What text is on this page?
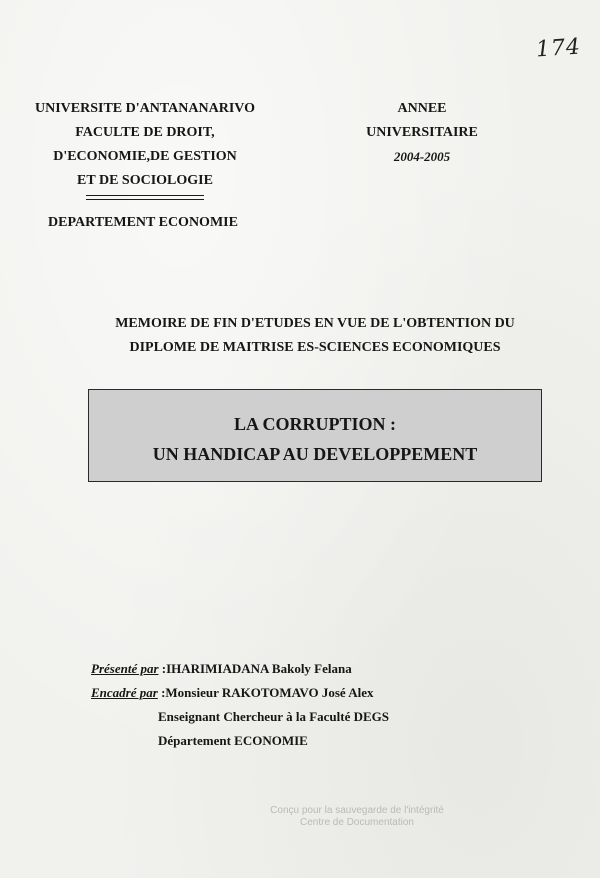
174
UNIVERSITE D'ANTANANARIVO
FACULTE DE DROIT,
D'ECONOMIE,DE GESTION
ET DE SOCIOLOGIE
DEPARTEMENT ECONOMIE
ANNEE UNIVERSITAIRE
2004-2005
MEMOIRE DE FIN D'ETUDES EN VUE DE L'OBTENTION DU
DIPLOME DE MAITRISE ES-SCIENCES ECONOMIQUES
LA CORRUPTION :
UN HANDICAP AU DEVELOPPEMENT
Présenté par :IHARIMIADANA Bakoly Felana
Encadré par :Monsieur RAKOTOMAVO José Alex
Enseignant Chercheur à la Faculté DEGS
Département ECONOMIE
Conçu pour la sauvegarde de l'intégrité
Centre de Documentation
